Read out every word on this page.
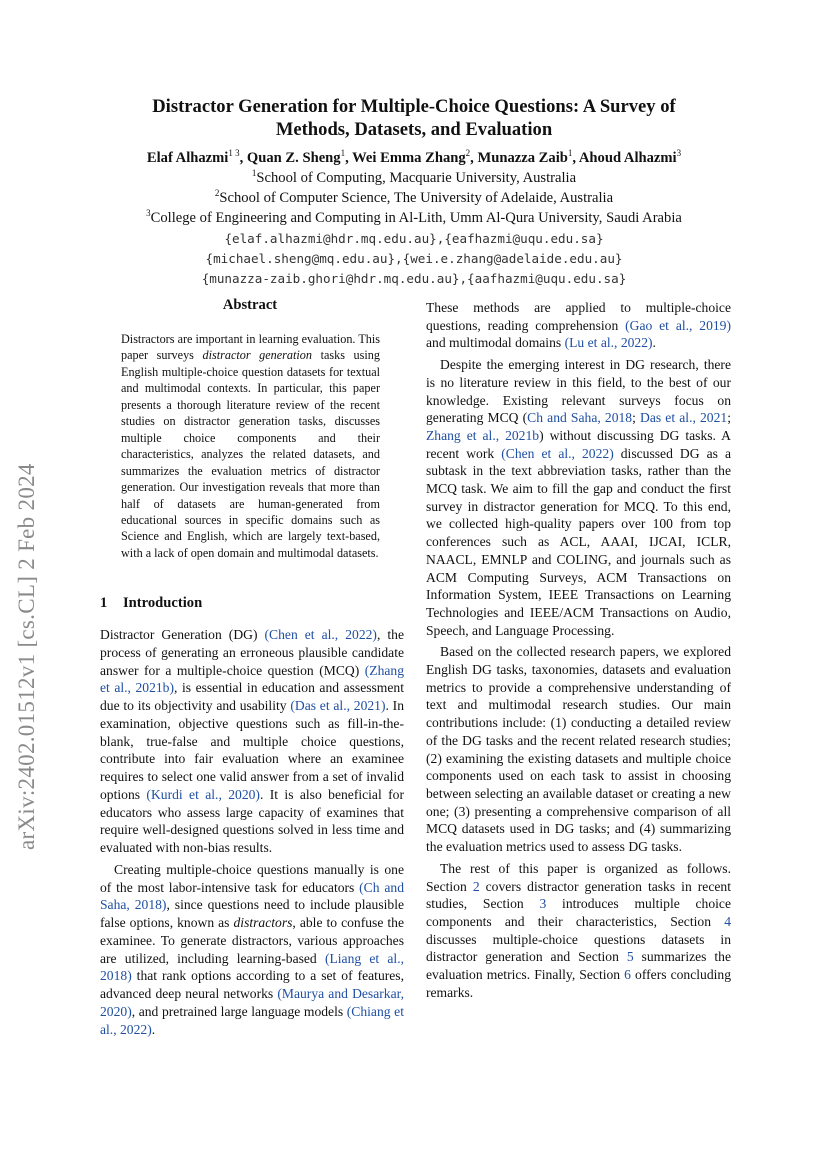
arXiv:2402.01512v1 [cs.CL] 2 Feb 2024
Distractor Generation for Multiple-Choice Questions: A Survey of
Methods, Datasets, and Evaluation
Elaf Alhazmi$^{1 3}$, Quan Z. Sheng$^1$, Wei Emma Zhang$^2$, Munazza Zaib$^1$, Ahoud Alhazmi$^3$
$^1$School of Computing, Macquarie University, Australia
$^2$School of Computer Science, The University of Adelaide, Australia
$^3$College of Engineering and Computing in Al-Lith, Umm Al-Qura University, Saudi Arabia
{elaf.alhazmi@hdr.mq.edu.au},{eafhazmi@uqu.edu.sa}
{michael.sheng@mq.edu.au},{wei.e.zhang@adelaide.edu.au}
{munazza-zaib.ghori@hdr.mq.edu.au},{aafhazmi@uqu.edu.sa}
Abstract
Distractors are important in learning evaluation. This paper surveys distractor generation tasks using English multiple-choice question datasets for textual and multimodal contexts. In particular, this paper presents a thorough literature review of the recent studies on distractor generation tasks, discusses multiple choice components and their characteristics, analyzes the related datasets, and summarizes the evaluation metrics of distractor generation. Our investigation reveals that more than half of datasets are human-generated from educational sources in specific domains such as Science and English, which are largely text-based, with a lack of open domain and multimodal datasets.
1 Introduction

Distractor Generation (DG) (Chen et al., 2022), the process of generating an erroneous plausible candidate answer for a multiple-choice question (MCQ) (Zhang et al., 2021b), is essential in education and assessment due to its objectivity and usability (Das et al., 2021). In examination, objective questions such as fill-in-the-blank, true-false and multiple choice questions, contribute into fair evaluation where an examinee requires to select one valid answer from a set of invalid options (Kurdi et al., 2020). It is also beneficial for educators who assess large capacity of examines that require well-designed questions solved in less time and evaluated with non-bias results.

Creating multiple-choice questions manually is one of the most labor-intensive task for educators (Ch and Saha, 2018), since questions need to include plausible false options, known as distractors, able to confuse the examinee. To generate distractors, various approaches are utilized, including learning-based (Liang et al., 2018) that rank options according to a set of features, advanced deep neural networks (Maurya and Desarkar, 2020), and pretrained large language models (Chiang et al., 2022).

These methods are applied to multiple-choice questions, reading comprehension (Gao et al., 2019) and multimodal domains (Lu et al., 2022).

Despite the emerging interest in DG research, there is no literature review in this field, to the best of our knowledge. Existing relevant surveys focus on generating MCQ (Ch and Saha, 2018; Das et al., 2021; Zhang et al., 2021b) without discussing DG tasks. A recent work (Chen et al., 2022) discussed DG as a subtask in the text abbreviation tasks, rather than the MCQ task. We aim to fill the gap and conduct the first survey in distractor generation for MCQ. To this end, we collected high-quality papers over 100 from top conferences such as ACL, AAAI, IJCAI, ICLR, NAACL, EMNLP and COLING, and journals such as ACM Computing Surveys, ACM Transactions on Information System, IEEE Transactions on Learning Technologies and IEEE/ACM Transactions on Audio, Speech, and Language Processing.

Based on the collected research papers, we explored English DG tasks, taxonomies, datasets and evaluation metrics to provide a comprehensive understanding of text and multimodal research studies. Our main contributions include: (1) conducting a detailed review of the DG tasks and the recent related research studies; (2) examining the existing datasets and multiple choice components used on each task to assist in choosing between selecting an available dataset or creating a new one; (3) presenting a comprehensive comparison of all MCQ datasets used in DG tasks; and (4) summarizing the evaluation metrics used to assess DG tasks.

The rest of this paper is organized as follows. Section 2 covers distractor generation tasks in recent studies, Section 3 introduces multiple choice components and their characteristics, Section 4 discusses multiple-choice questions datasets in distractor generation and Section 5 summarizes the evaluation metrics. Finally, Section 6 offers concluding remarks.
